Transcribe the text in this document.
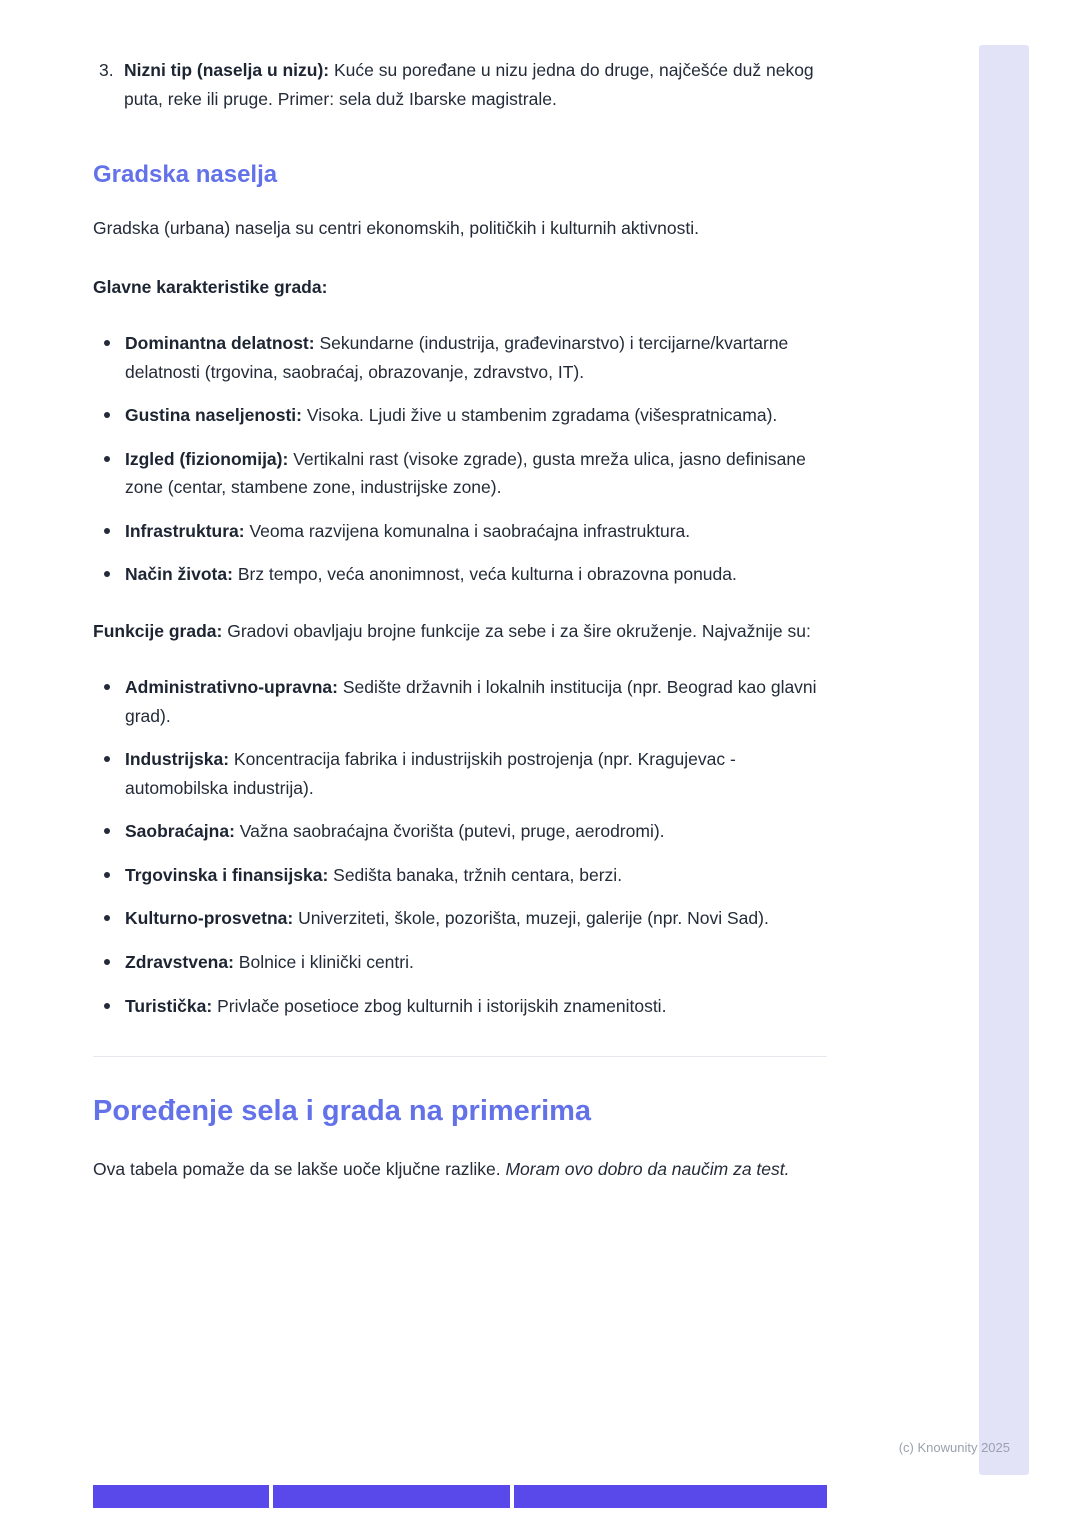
3. Nizni tip (naselja u nizu): Kuće su poređane u nizu jedna do druge, najčešće duž nekog puta, reke ili pruge. Primer: sela duž Ibarske magistrale.
Gradska naselja

Gradska (urbana) naselja su centri ekonomskih, političkih i kulturnih aktivnosti.

Glavne karakteristike grada:

Dominantna delatnost: Sekundarne (industrija, građevinarstvo) i tercijarne/kvartarne delatnosti (trgovina, saobraćaj, obrazovanje, zdravstvo, IT).
Gustina naseljenosti: Visoka. Ljudi žive u stambenim zgradama (višespratnicama).
Izgled (fizionomija): Vertikalni rast (visoke zgrade), gusta mreža ulica, jasno definisane zone (centar, stambene zone, industrijske zone).
Infrastruktura: Veoma razvijena komunalna i saobraćajna infrastruktura.
Način života: Brz tempo, veća anonimnost, veća kulturna i obrazovna ponuda.

Funkcije grada: Gradovi obavljaju brojne funkcije za sebe i za šire okruženje. Najvažnije su:

Administrativno-upravna: Sedište državnih i lokalnih institucija (npr. Beograd kao glavni grad).
Industrijska: Koncentracija fabrika i industrijskih postrojenja (npr. Kragujevac - automobilska industrija).
Saobraćajna: Važna saobraćajna čvorišta (putevi, pruge, aerodromi).
Trgovinska i finansijska: Sedišta banaka, tržnih centara, berzi.
Kulturno-prosvetna: Univerziteti, škole, pozorišta, muzeji, galerije (npr. Novi Sad).
Zdravstvena: Bolnice i klinički centri.
Turistička: Privlače posetioce zbog kulturnih i istorijskih znamenitosti.
Poređenje sela i grada na primerima

Ova tabela pomaže da se lakše uoče ključne razlike. Moram ovo dobro da naučim za test.

(c) Knowunity 2025
